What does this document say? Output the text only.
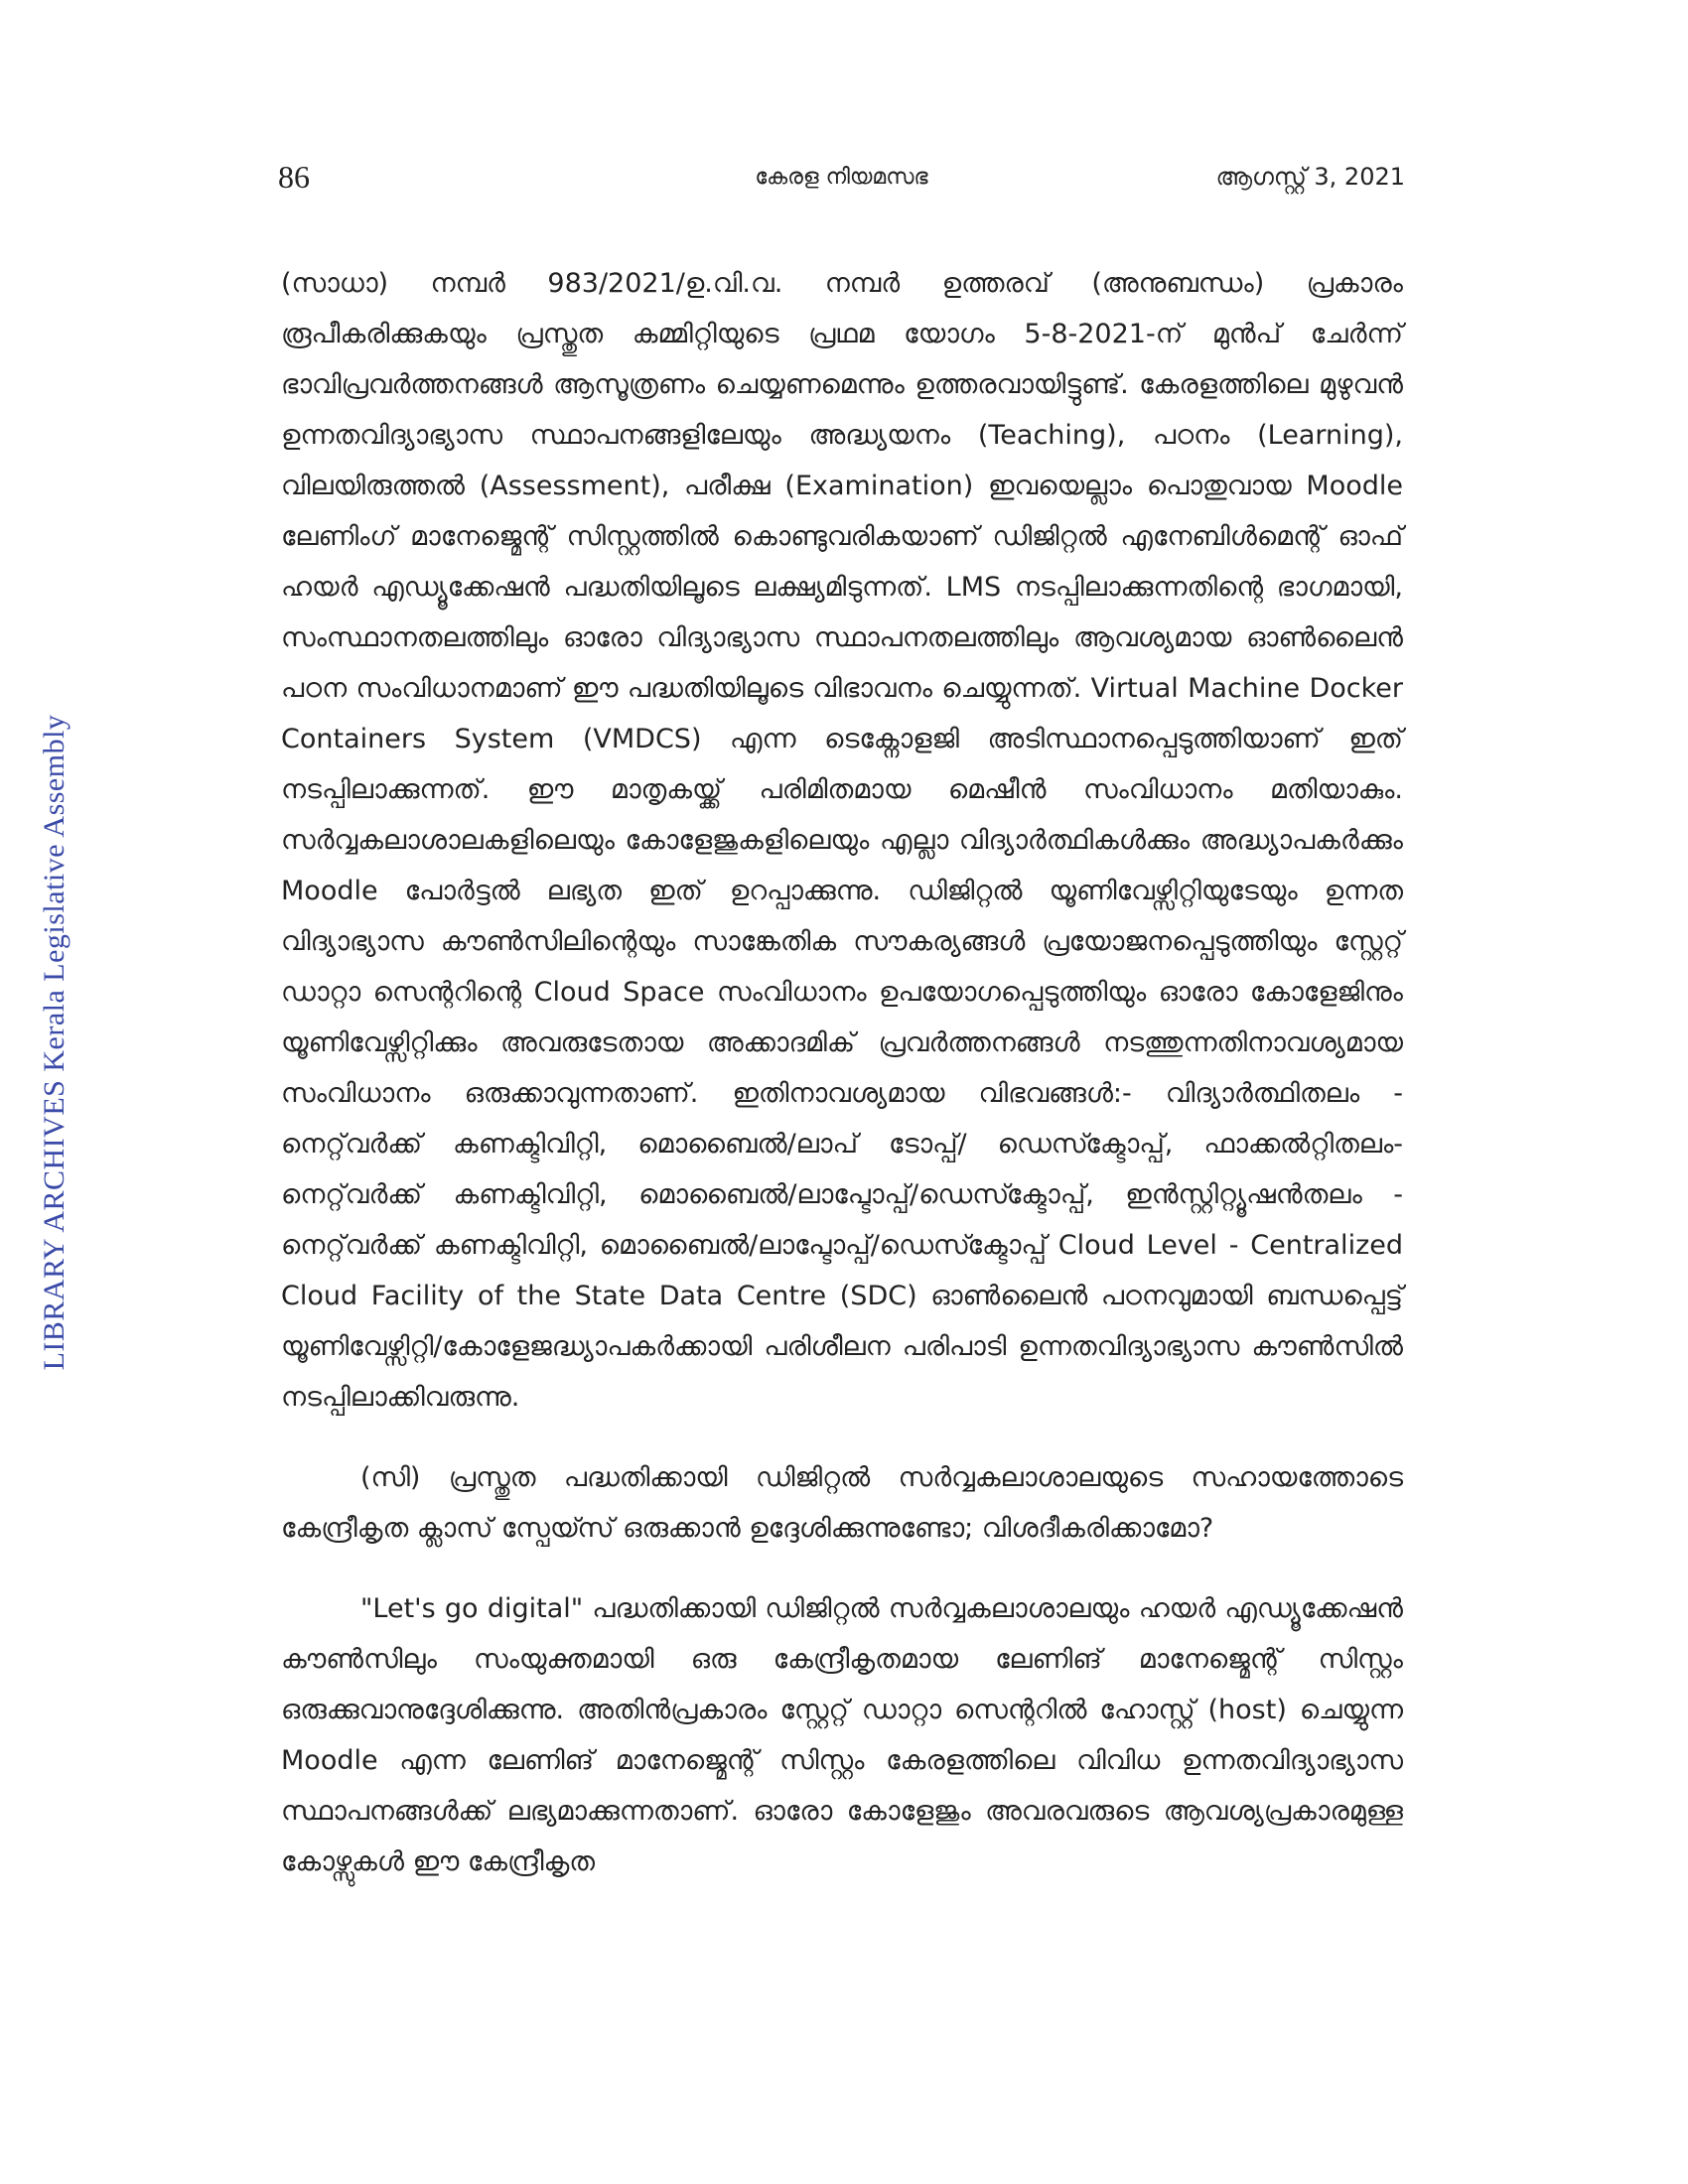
86	കേരള നിയമസഭ	ആഗസ്റ്റ് 3, 2021
LIBRARY ARCHIVES Kerala Legislative Assembly

(സാധാ) നമ്പർ 983/2021/ഉ.വി.വ. നമ്പർ ഉത്തരവ് (അനുബന്ധം) പ്രകാരം രൂപീകരിക്കുകയും പ്രസ്തുത കമ്മിറ്റിയുടെ പ്രഥമ യോഗം 5-8-2021-ന് മുൻപ് ചേർന്ന് ഭാവിപ്രവർത്തനങ്ങൾ ആസൂത്രണം ചെയ്യണമെന്നും ഉത്തരവായിട്ടുണ്ട്. കേരളത്തിലെ മുഴുവൻ ഉന്നതവിദ്യാഭ്യാസ സ്ഥാപനങ്ങളിലേയും അദ്ധ്യയനം (Teaching), പഠനം (Learning), വിലയിരുത്തൽ (Assessment), പരീക്ഷ (Examination) ഇവയെല്ലാം പൊതുവായ Moodle ലേണിംഗ് മാനേജ്മെന്റ് സിസ്റ്റത്തിൽ കൊണ്ടുവരികയാണ് ഡിജിറ്റൽ എനേബിൾമെന്റ് ഓഫ് ഹയർ എഡ്യൂക്കേഷൻ പദ്ധതിയിലൂടെ ലക്ഷ്യമിടുന്നത്. LMS നടപ്പിലാക്കുന്നതിന്റെ ഭാഗമായി, സംസ്ഥാനതലത്തിലും ഓരോ വിദ്യാഭ്യാസ സ്ഥാപനതലത്തിലും ആവശ്യമായ ഓൺലൈൻ പഠന സംവിധാനമാണ് ഈ പദ്ധതിയിലൂടെ വിഭാവനം ചെയ്യുന്നത്. Virtual Machine Docker Containers System (VMDCS) എന്ന ടെക്നോളജി അടിസ്ഥാനപ്പെടുത്തിയാണ് ഇത് നടപ്പിലാക്കുന്നത്. ഈ മാതൃകയ്ക്ക് പരിമിതമായ മെഷീൻ സംവിധാനം മതിയാകും. സർവ്വകലാശാലകളിലെയും കോളേജുകളിലെയും എല്ലാ വിദ്യാർത്ഥികൾക്കും അദ്ധ്യാപകർക്കും Moodle പോർട്ടൽ ലഭ്യത ഇത് ഉറപ്പാക്കുന്നു. ഡിജിറ്റൽ യൂണിവേഴ്സിറ്റിയുടേയും ഉന്നത വിദ്യാഭ്യാസ കൗൺസിലിന്റെയും സാങ്കേതിക സൗകര്യങ്ങൾ പ്രയോജനപ്പെടുത്തിയും സ്റ്റേറ്റ് ഡാറ്റാ സെന്ററിന്റെ Cloud Space സംവിധാനം ഉപയോഗപ്പെടുത്തിയും ഓരോ കോളേജിനും യൂണിവേഴ്സിറ്റിക്കും അവരുടേതായ അക്കാദമിക് പ്രവർത്തനങ്ങൾ നടത്തുന്നതിനാവശ്യമായ സംവിധാനം ഒരുക്കാവുന്നതാണ്. ഇതിനാവശ്യമായ വിഭവങ്ങൾ:- വിദ്യാർത്ഥിതലം - നെറ്റ്‌വർക്ക് കണക്ടിവിറ്റി, മൊബൈൽ/ലാപ് ടോപ്പ്/ ഡെസ്ക്ടോപ്പ്, ഫാക്കൽറ്റിതലം- നെറ്റ്‌വർക്ക് കണക്ടിവിറ്റി, മൊബൈൽ/ലാപ്ടോപ്പ്/ഡെസ്ക്ടോപ്പ്, ഇൻസ്റ്റിറ്റ്യൂഷൻതലം - നെറ്റ്‌വർക്ക് കണക്ടിവിറ്റി, മൊബൈൽ/ലാപ്ടോപ്പ്/ഡെസ്ക്ടോപ്പ് Cloud Level - Centralized Cloud Facility of the State Data Centre (SDC) ഓൺലൈൻ പഠനവുമായി ബന്ധപ്പെട്ട് യൂണിവേഴ്സിറ്റി/കോളേജദ്ധ്യാപകർക്കായി പരിശീലന പരിപാടി ഉന്നതവിദ്യാഭ്യാസ കൗൺസിൽ നടപ്പിലാക്കിവരുന്നു.

(സി) പ്രസ്തുത പദ്ധതിക്കായി ഡിജിറ്റൽ സർവ്വകലാശാലയുടെ സഹായത്തോടെ കേന്ദ്രീകൃത ക്ലാസ് സ്പേയ്സ് ഒരുക്കാൻ ഉദ്ദേശിക്കുന്നുണ്ടോ; വിശദീകരിക്കാമോ?

"Let's go digital" പദ്ധതിക്കായി ഡിജിറ്റൽ സർവ്വകലാശാലയും ഹയർ എഡ്യൂക്കേഷൻ കൗൺസിലും സംയുക്തമായി ഒരു കേന്ദ്രീകൃതമായ ലേണിങ് മാനേജ്മെന്റ് സിസ്റ്റം ഒരുക്കുവാനുദ്ദേശിക്കുന്നു. അതിൻപ്രകാരം സ്റ്റേറ്റ് ഡാറ്റാ സെന്ററിൽ ഹോസ്റ്റ് (host) ചെയ്യുന്ന Moodle എന്ന ലേണിങ് മാനേജ്മെന്റ് സിസ്റ്റം കേരളത്തിലെ വിവിധ ഉന്നതവിദ്യാഭ്യാസ സ്ഥാപനങ്ങൾക്ക് ലഭ്യമാക്കുന്നതാണ്. ഓരോ കോളേജും അവരവരുടെ ആവശ്യപ്രകാരമുള്ള കോഴ്സുകൾ ഈ കേന്ദ്രീകൃത
